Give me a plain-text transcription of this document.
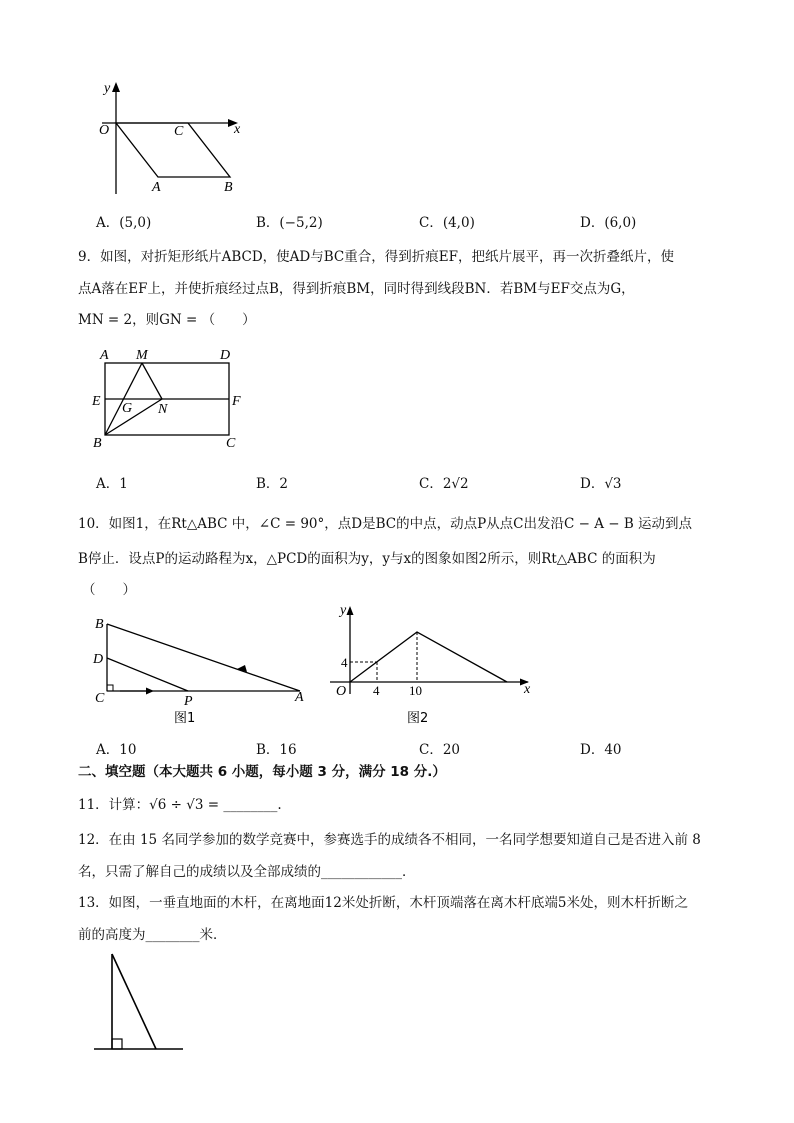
y
x
O	C
A	B
A．(5,0)	B．(−5,2)	C．(4,0)	D．(6,0)
9．如图，对折矩形纸片ABCD，使AD与BC重合，得到折痕EF，把纸片展平，再一次折叠纸片，使
点A落在EF上，并使折痕经过点B，得到折痕BM，同时得到线段BN．若BM与EF交点为G，
MN = 2，则GN = （　　）
A M	D
E	F
G N
B	C
A．1	B．2	C．2√2	D．√3
10．如图1，在Rt△ABC 中，∠C = 90°，点D是BC的中点，动点P从点C出发沿C − A − B 运动到点
B停止．设点P的运动路程为x，△PCD的面积为y，y与x的图象如图2所示，则Rt△ABC 的面积为
（　　）
B
D
C	P	A
图1
y
x
O
4
4 10
图2
A．10	B．16	C．20	D．40
二、填空题（本大题共 6 小题，每小题 3 分，满分 18 分.）
11．计算：√6 ÷ √3 = ________.
12．在由 15 名同学参加的数学竞赛中，参赛选手的成绩各不相同，一名同学想要知道自己是否进入前 8
名，只需了解自己的成绩以及全部成绩的____________．
13．如图，一垂直地面的木杆，在离地面12米处折断，木杆顶端落在离木杆底端5米处，则木杆折断之
前的高度为________米．
